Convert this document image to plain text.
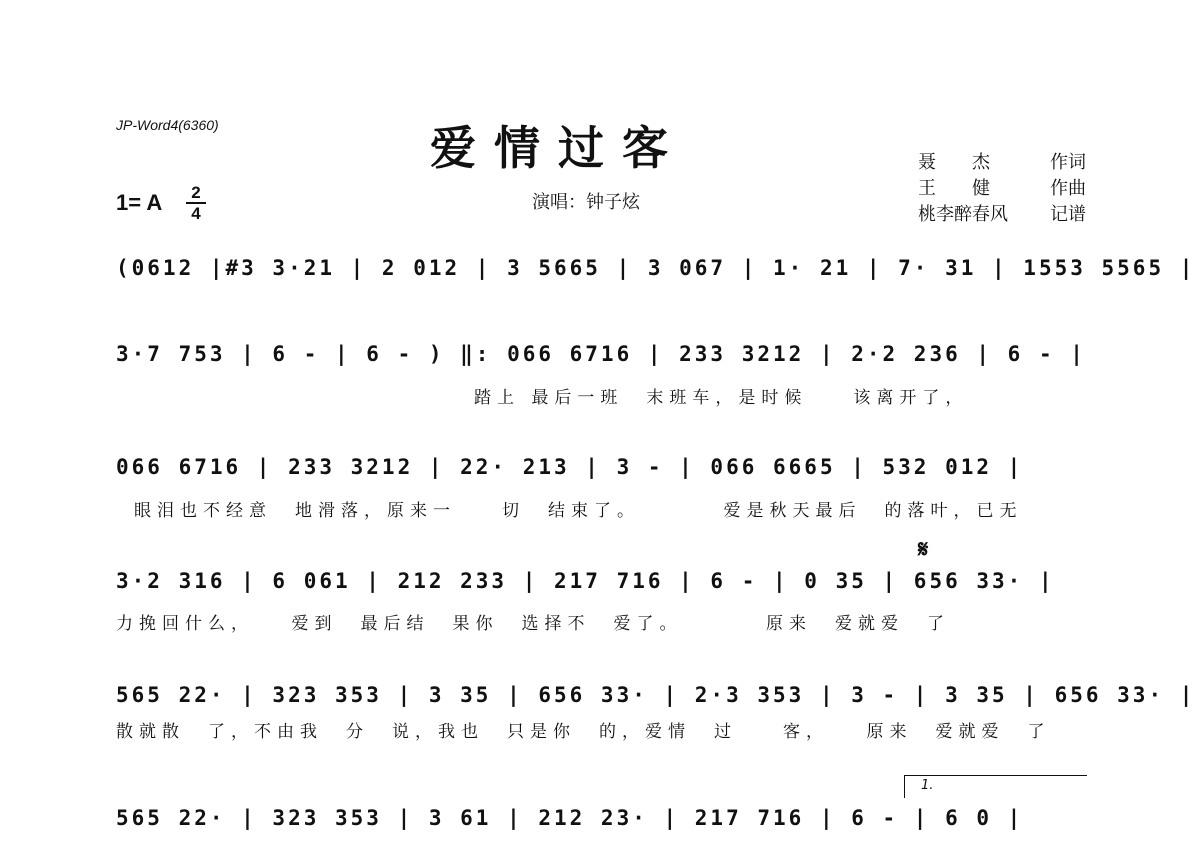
JP-Word4(6360)	爱情过客
演唱：钟子炫
1= A	2
4
聂　　杰	作词
王　　健	作曲
桃李醉春风 记谱
(0612 |#3 3·21 | 2 012 | 3 5665 | 3 067 | 1· 21 | 7· 31 | 1553 5565 |
3·7 753 | 6 - | 6 - ) ‖: 066 6716 | 233 3212 | 2·2 236 | 6 - |
踏上 最后一班　末班车，是时候　　该离开了，
066 6716 | 233 3212 | 22· 213 | 3 - | 066 6665 | 532 012 |
眼泪也不经意　地滑落，原来一　　切　结束了。　　　　爱是秋天最后　的落叶，已无
𝄋
3·2 316 | 6 061 | 212 233 | 217 716 | 6 - | 0 35 | 656 33· |
力挽回什么，　　爱到　最后结　果你　选择不　爱了。　　　　原来　爱就爱　了
565 22· | 323 353 | 3 35 | 656 33· | 2·3 353 | 3 - | 3 35 | 656 33· |
散就散　了，不由我　分　说，我也　只是你　的，爱情　过　　客，　　原来　爱就爱　了
1.
565 22· | 323 353 | 3 61 | 212 23· | 217 716 | 6 - | 6 0 |
